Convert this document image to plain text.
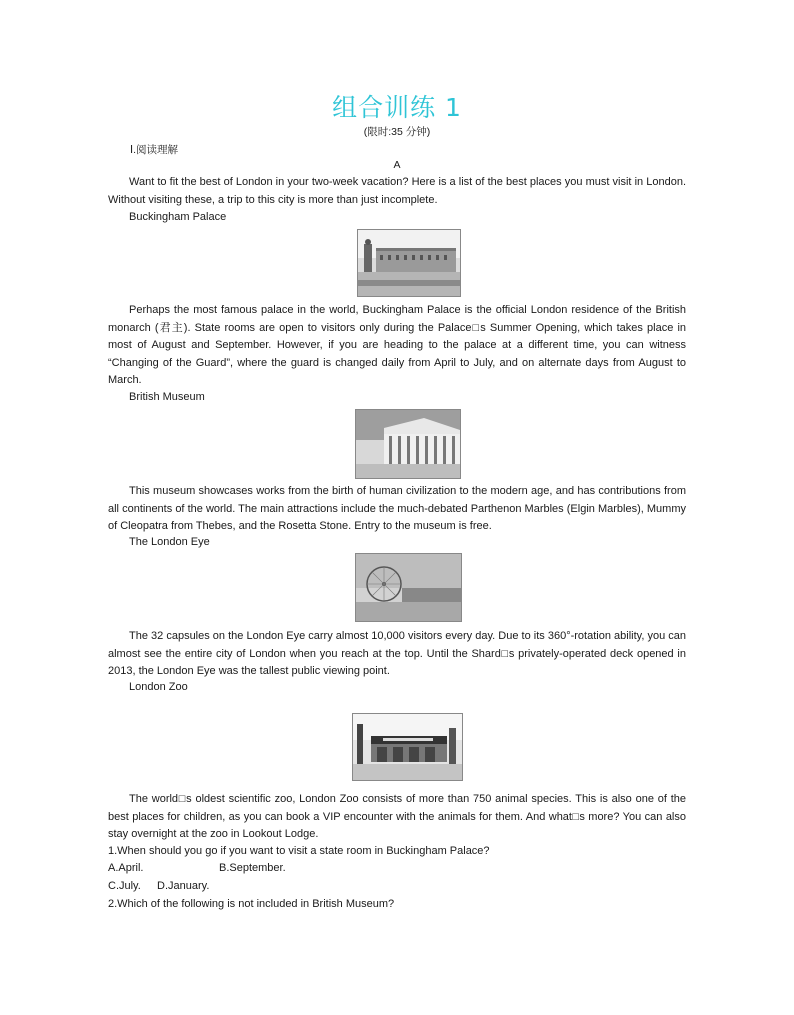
组合训练 1
(限时:35 分钟)
Ⅰ.阅读理解
A
Want to fit the best of London in your two-week vacation? Here is a list of the best places you must visit in London. Without visiting these, a trip to this city is more than just incomplete.
Buckingham Palace
Perhaps the most famous palace in the world, Buckingham Palace is the official London residence of the British monarch (君主). State rooms are open to visitors only during the Palace□s Summer Opening, which takes place in most of August and September. However, if you are heading to the palace at a different time, you can witness “Changing of the Guard”, where the guard is changed daily from April to July, and on alternate days from August to March.
British Museum
This museum showcases works from the birth of human civilization to the modern age, and has contributions from all continents of the world. The main attractions include the much-debated Parthenon Marbles (Elgin Marbles), Mummy of Cleopatra from Thebes, and the Rosetta Stone. Entry to the museum is free.
The London Eye
The 32 capsules on the London Eye carry almost 10,000 visitors every day. Due to its 360°-rotation ability, you can almost see the entire city of London when you reach at the top. Until the Shard□s privately-operated deck opened in 2013, the London Eye was the tallest public viewing point.
London Zoo
The world□s oldest scientific zoo, London Zoo consists of more than 750 animal species. This is also one of the best places for children, as you can book a VIP encounter with the animals for them. And what□s more? You can also stay overnight at the zoo in Lookout Lodge.
1.When should you go if you want to visit a state room in Buckingham Palace?
A.April.	B.September.
C.July. D.January.
2.Which of the following is not included in British Museum?
